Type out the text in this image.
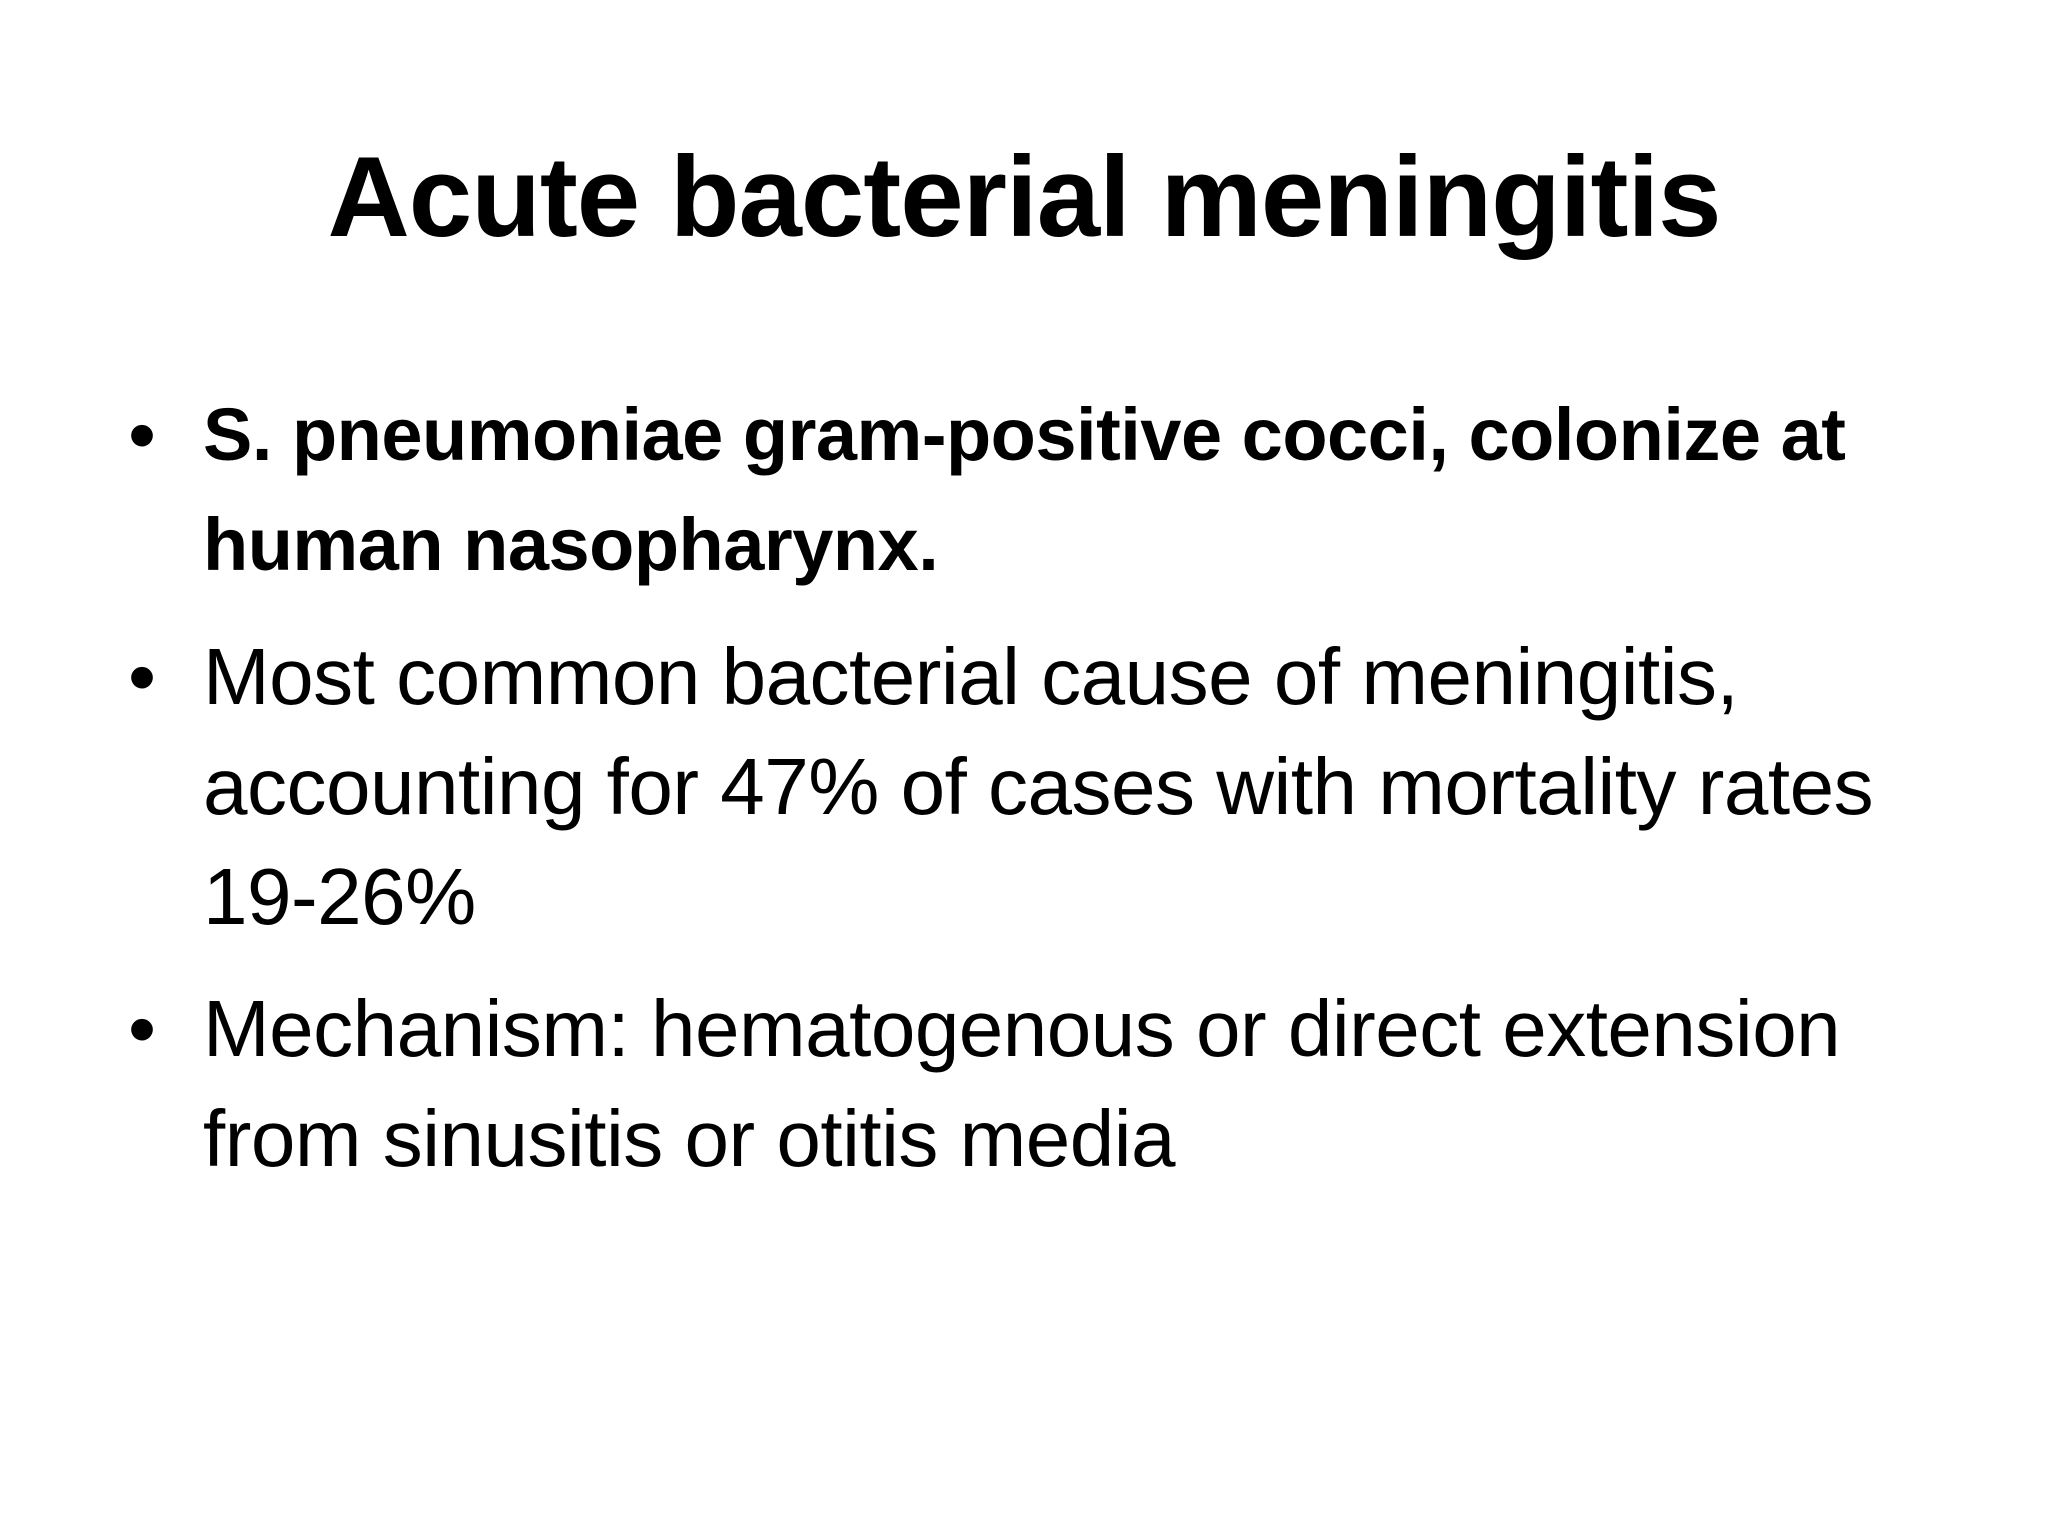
Acute bacterial meningitis
• S. pneumoniae gram-positive cocci, colonize at human nasopharynx.
• Most common bacterial cause of meningitis, accounting for 47% of cases with mortality rates 19-26%
• Mechanism: hematogenous or direct extension from sinusitis or otitis media
